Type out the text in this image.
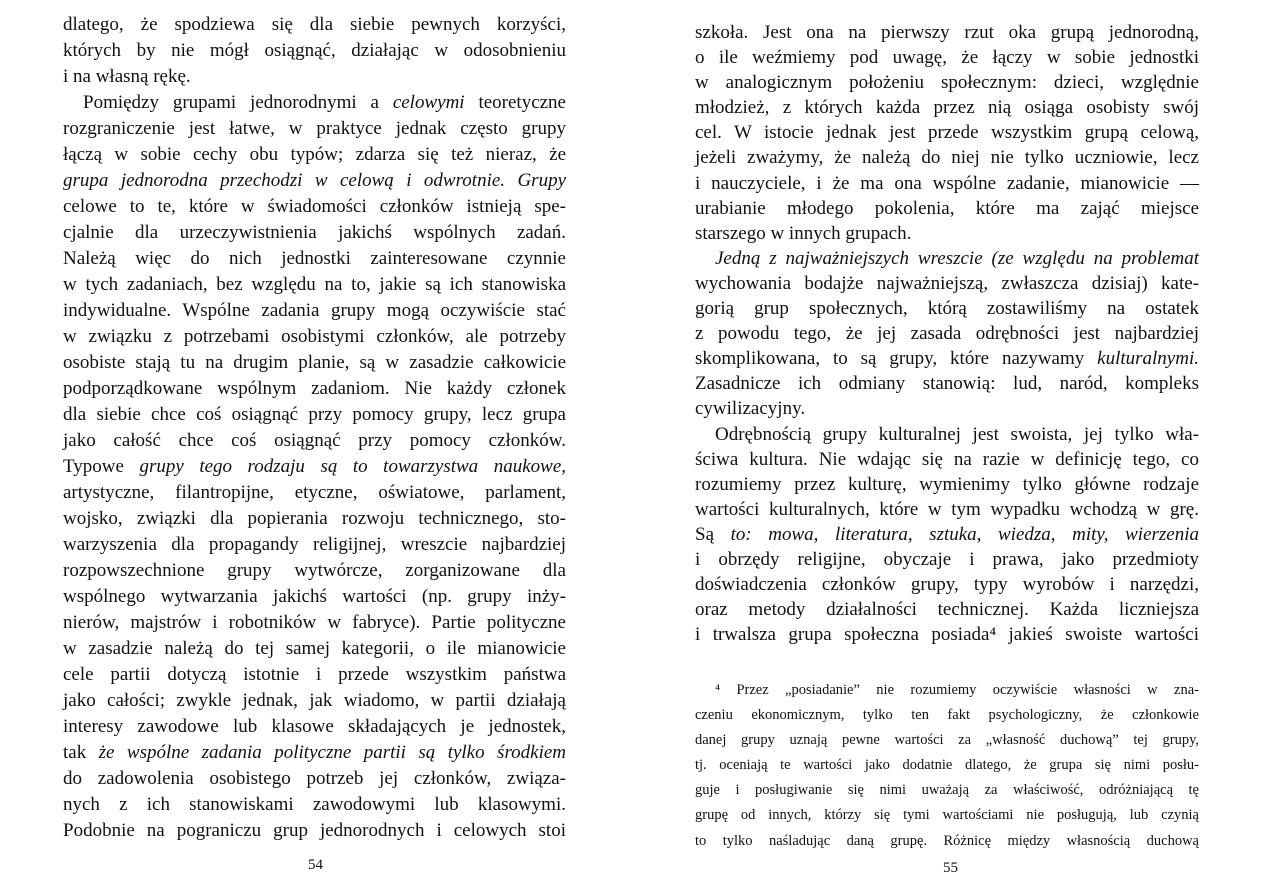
dlatego, że spodziewa się dla siebie pewnych korzyści,
których by nie mógł osiągnąć, działając w odosobnieniu
i na własną rękę.
Pomiędzy grupami jednorodnymi a celowymi teoretyczne
rozgraniczenie jest łatwe, w praktyce jednak często grupy
łączą w sobie cechy obu typów; zdarza się też nieraz, że
grupa jednorodna przechodzi w celową i odwrotnie. Grupy
celowe to te, które w świadomości członków istnieją spe-
cjalnie dla urzeczywistnienia jakichś wspólnych zadań.
Należą więc do nich jednostki zainteresowane czynnie
w tych zadaniach, bez względu na to, jakie są ich stanowiska
indywidualne. Wspólne zadania grupy mogą oczywiście stać
w związku z potrzebami osobistymi członków, ale potrzeby
osobiste stają tu na drugim planie, są w zasadzie całkowicie
podporządkowane wspólnym zadaniom. Nie każdy członek
dla siebie chce coś osiągnąć przy pomocy grupy, lecz grupa
jako całość chce coś osiągnąć przy pomocy członków.
Typowe grupy tego rodzaju są to towarzystwa naukowe,
artystyczne, filantropijne, etyczne, oświatowe, parlament,
wojsko, związki dla popierania rozwoju technicznego, sto-
warzyszenia dla propagandy religijnej, wreszcie najbardziej
rozpowszechnione grupy wytwórcze, zorganizowane dla
wspólnego wytwarzania jakichś wartości (np. grupy inży-
nierów, majstrów i robotników w fabryce). Partie polityczne
w zasadzie należą do tej samej kategorii, o ile mianowicie
cele partii dotyczą istotnie i przede wszystkim państwa
jako całości; zwykle jednak, jak wiadomo, w partii działają
interesy zawodowe lub klasowe składających je jednostek,
tak że wspólne zadania polityczne partii są tylko środkiem
do zadowolenia osobistego potrzeb jej członków, związa-
nych z ich stanowiskami zawodowymi lub klasowymi.
Podobnie na pograniczu grup jednorodnych i celowych stoi
54
szkoła. Jest ona na pierwszy rzut oka grupą jednorodną,
o ile weźmiemy pod uwagę, że łączy w sobie jednostki
w analogicznym położeniu społecznym: dzieci, względnie
młodzież, z których każda przez nią osiąga osobisty swój
cel. W istocie jednak jest przede wszystkim grupą celową,
jeżeli zważymy, że należą do niej nie tylko uczniowie, lecz
i nauczyciele, i że ma ona wspólne zadanie, mianowicie —
urabianie młodego pokolenia, które ma zająć miejsce
starszego w innych grupach.
Jedną z najważniejszych wreszcie (ze względu na problemat
wychowania bodajże najważniejszą, zwłaszcza dzisiaj) kate-
gorią grup społecznych, którą zostawiliśmy na ostatek
z powodu tego, że jej zasada odrębności jest najbardziej
skomplikowana, to są grupy, które nazywamy kulturalnymi.
Zasadnicze ich odmiany stanowią: lud, naród, kompleks
cywilizacyjny.
Odrębnością grupy kulturalnej jest swoista, jej tylko wła-
ściwa kultura. Nie wdając się na razie w definicję tego, co
rozumiemy przez kulturę, wymienimy tylko główne rodzaje
wartości kulturalnych, które w tym wypadku wchodzą w grę.
Są to: mowa, literatura, sztuka, wiedza, mity, wierzenia
i obrzędy religijne, obyczaje i prawa, jako przedmioty
doświadczenia członków grupy, typy wyrobów i narzędzi,
oraz metody działalności technicznej. Każda liczniejsza
i trwalsza grupa społeczna posiada⁴ jakieś swoiste wartości
⁴ Przez „posiadanie” nie rozumiemy oczywiście własności w zna-
czeniu ekonomicznym, tylko ten fakt psychologiczny, że członkowie
danej grupy uznają pewne wartości za „własność duchową” tej grupy,
tj. oceniają te wartości jako dodatnie dlatego, że grupa się nimi posłu-
guje i posługiwanie się nimi uważają za właściwość, odróżniającą tę
grupę od innych, którzy się tymi wartościami nie posługują, lub czynią
to tylko naśladując daną grupę. Różnicę między własnością duchową
55
